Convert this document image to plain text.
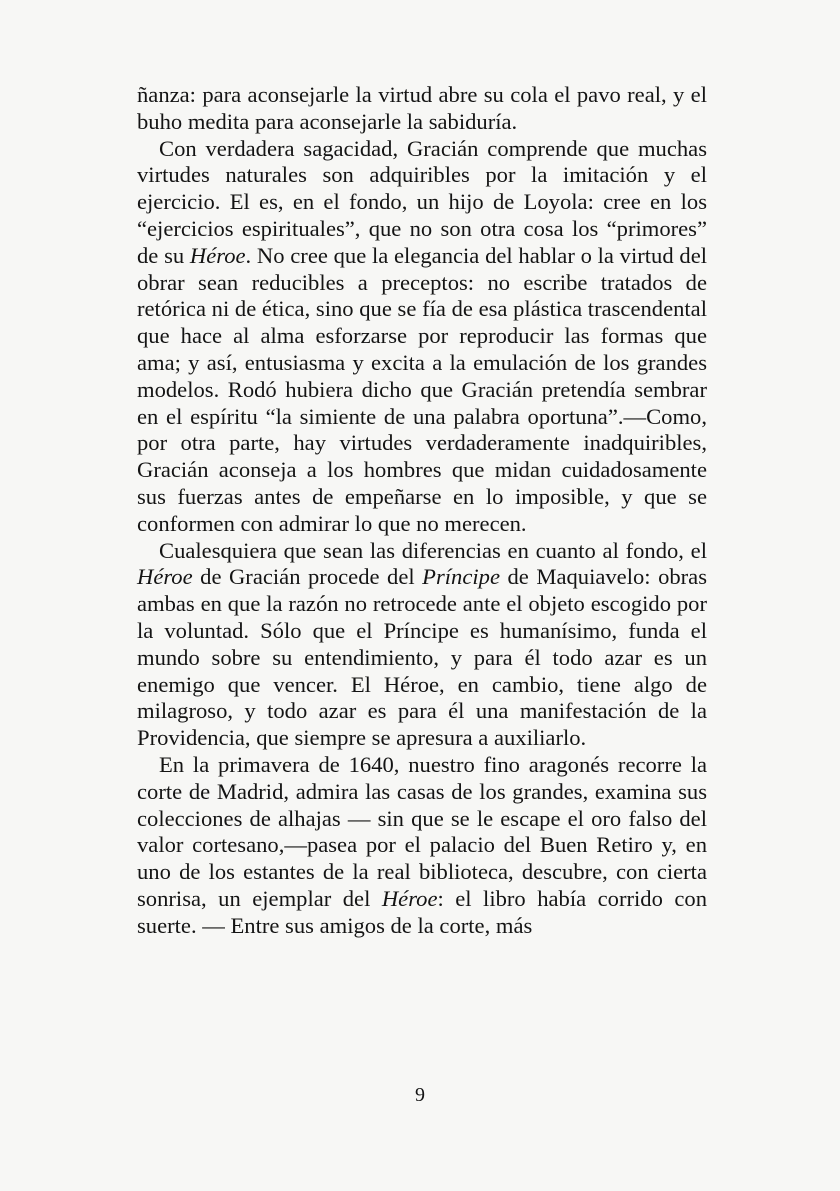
ñanza: para aconsejarle la virtud abre su cola el pavo real, y el buho medita para aconsejarle la sabiduría.

Con verdadera sagacidad, Gracián comprende que muchas virtudes naturales son adquiribles por la imitación y el ejercicio. El es, en el fondo, un hijo de Loyola: cree en los “ejercicios espirituales”, que no son otra cosa los “primores” de su Héroe. No cree que la elegancia del hablar o la virtud del obrar sean reducibles a preceptos: no escribe tratados de retórica ni de ética, sino que se fía de esa plástica trascendental que hace al alma esforzarse por reproducir las formas que ama; y así, entusiasma y excita a la emulación de los grandes modelos. Rodó hubiera dicho que Gracián pretendía sembrar en el espíritu “la simiente de una palabra oportuna”.—Como, por otra parte, hay virtudes verdaderamente inadquiribles, Gracián aconseja a los hombres que midan cuidadosamente sus fuerzas antes de empeñarse en lo imposible, y que se conformen con admirar lo que no merecen.

Cualesquiera que sean las diferencias en cuanto al fondo, el Héroe de Gracián procede del Príncipe de Maquiavelo: obras ambas en que la razón no retrocede ante el objeto escogido por la voluntad. Sólo que el Príncipe es humanísimo, funda el mundo sobre su entendimiento, y para él todo azar es un enemigo que vencer. El Héroe, en cambio, tiene algo de milagroso, y todo azar es para él una manifestación de la Providencia, que siempre se apresura a auxiliarlo.

En la primavera de 1640, nuestro fino aragonés recorre la corte de Madrid, admira las casas de los grandes, examina sus colecciones de alhajas — sin que se le escape el oro falso del valor cortesano,—pasea por el palacio del Buen Retiro y, en uno de los estantes de la real biblioteca, descubre, con cierta sonrisa, un ejemplar del Héroe: el libro había corrido con suerte. — Entre sus amigos de la corte, más

9
